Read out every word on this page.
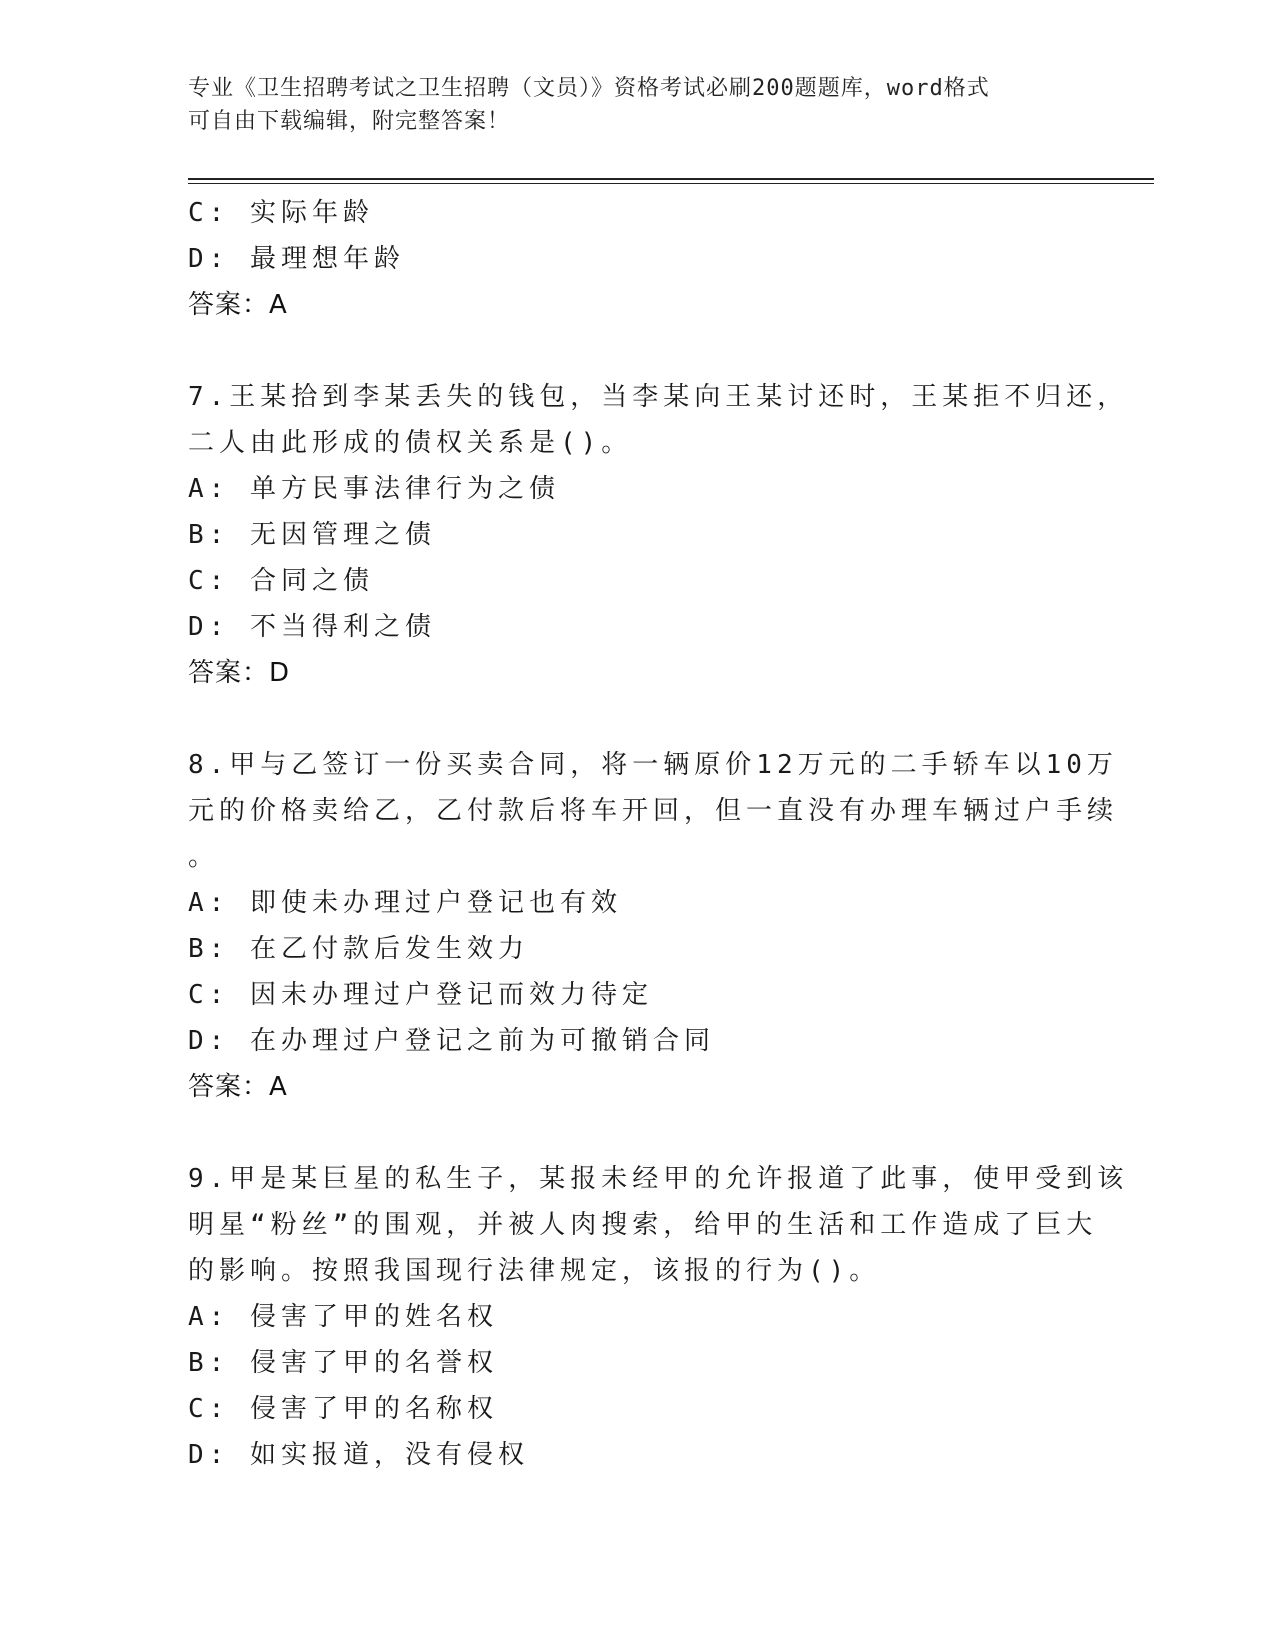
专业《卫生招聘考试之卫生招聘（文员）》资格考试必刷200题题库，word格式
可自由下载编辑，附完整答案！
C: 实际年龄
D: 最理想年龄
答案：A
7.王某拾到李某丢失的钱包，当李某向王某讨还时，王某拒不归还，
二人由此形成的债权关系是()。
A: 单方民事法律行为之债
B: 无因管理之债
C: 合同之债
D: 不当得利之债
答案：D
8.甲与乙签订一份买卖合同，将一辆原价12万元的二手轿车以10万
元的价格卖给乙，乙付款后将车开回，但一直没有办理车辆过户手续
。
A: 即使未办理过户登记也有效
B: 在乙付款后发生效力
C: 因未办理过户登记而效力待定
D: 在办理过户登记之前为可撤销合同
答案：A
9.甲是某巨星的私生子，某报未经甲的允许报道了此事，使甲受到该
明星“粉丝”的围观，并被人肉搜索，给甲的生活和工作造成了巨大
的影响。按照我国现行法律规定，该报的行为()。
A: 侵害了甲的姓名权
B: 侵害了甲的名誉权
C: 侵害了甲的名称权
D: 如实报道，没有侵权
